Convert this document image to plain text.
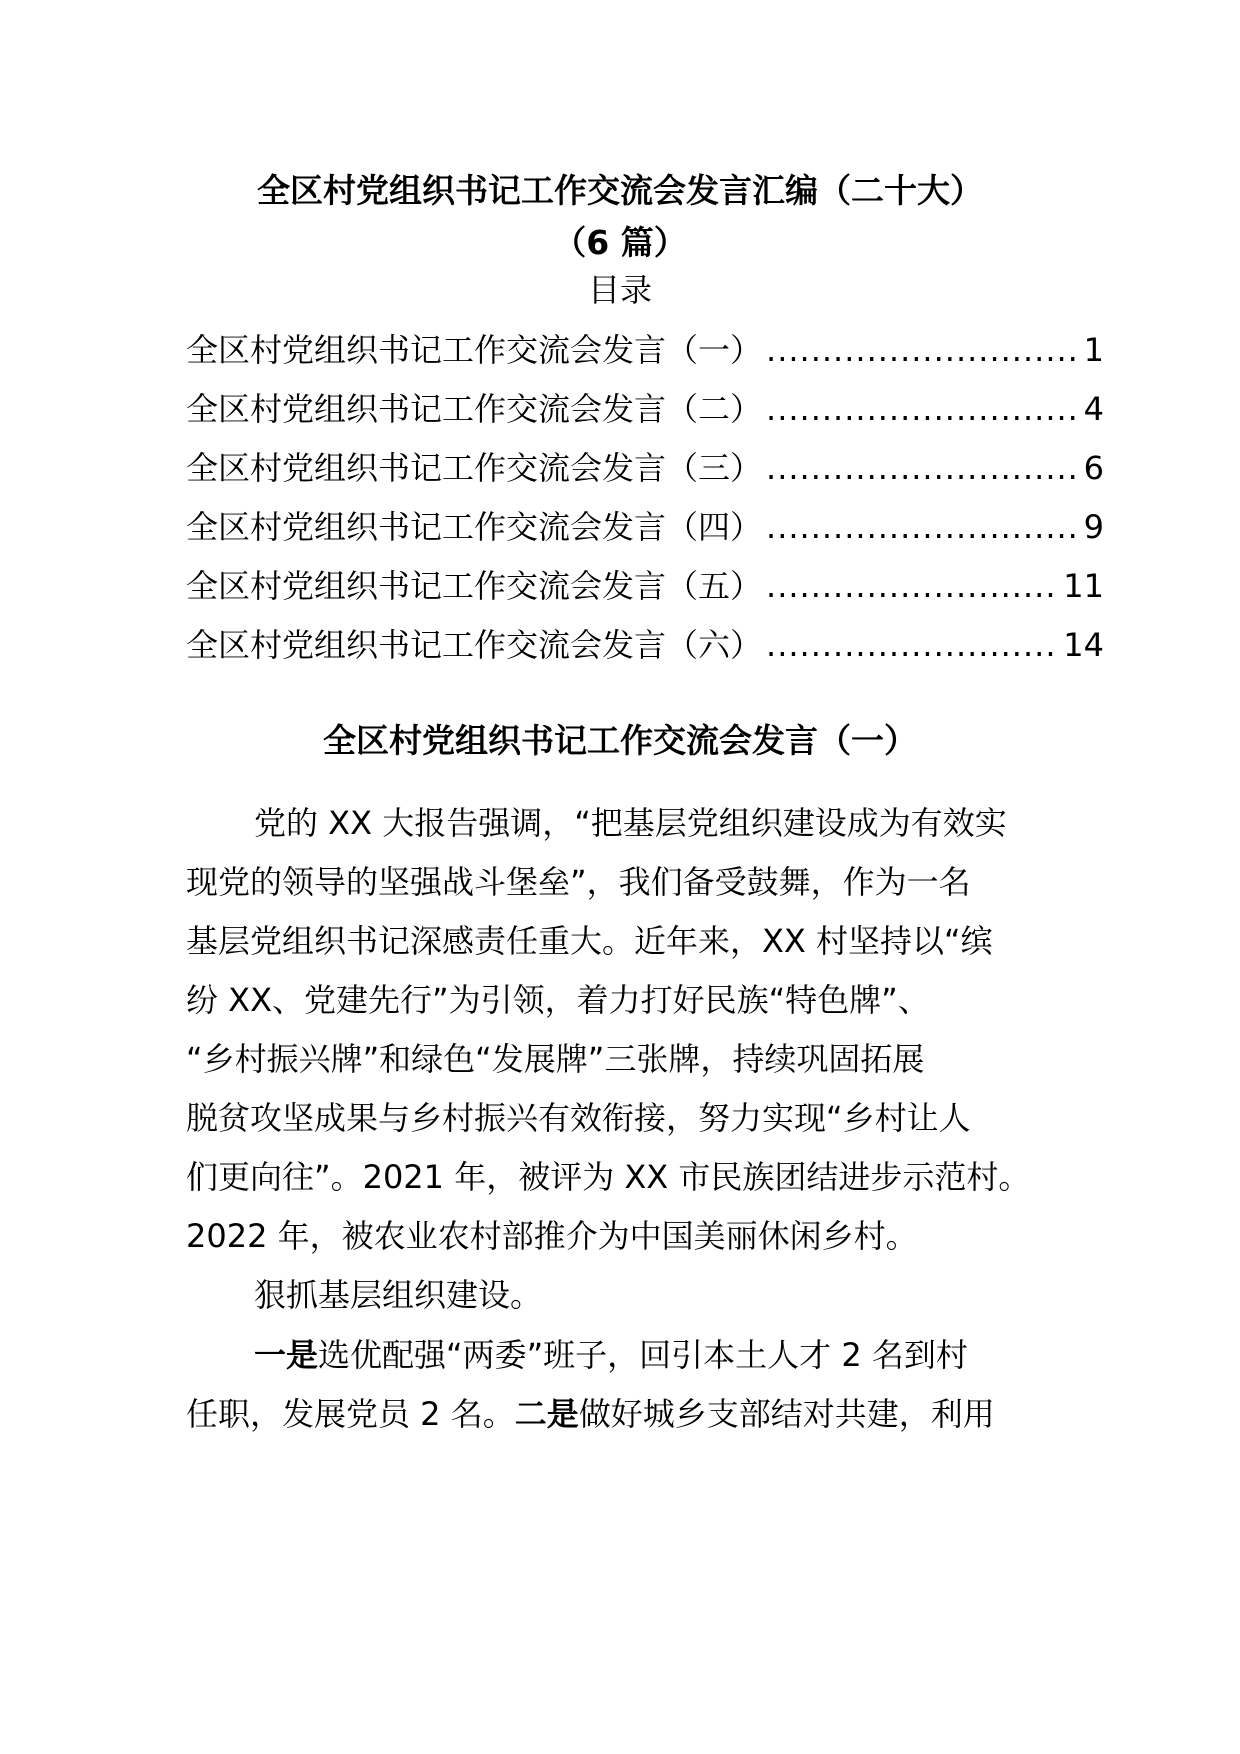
全区村党组织书记工作交流会发言汇编（二十大）
（6 篇）
目录
全区村党组织书记工作交流会发言（一） .....	1
全区村党组织书记工作交流会发言（二） .....	4
全区村党组织书记工作交流会发言（三） .....	6
全区村党组织书记工作交流会发言（四） .....	9
全区村党组织书记工作交流会发言（五） .....	11
全区村党组织书记工作交流会发言（六） .....	14
全区村党组织书记工作交流会发言（一）
党的 XX 大报告强调，“把基层党组织建设成为有效实
现党的领导的坚强战斗堡垒”，我们备受鼓舞，作为一名
基层党组织书记深感责任重大。近年来，XX 村坚持以“缤
纷 XX、党建先行”为引领，着力打好民族“特色牌”、
“乡村振兴牌”和绿色“发展牌”三张牌，持续巩固拓展
脱贫攻坚成果与乡村振兴有效衔接，努力实现“乡村让人
们更向往”。2021 年，被评为 XX 市民族团结进步示范村。
2022 年，被农业农村部推介为中国美丽休闲乡村。
狠抓基层组织建设。
一是选优配强“两委”班子，回引本土人才 2 名到村
任职，发展党员 2 名。二是做好城乡支部结对共建，利用
